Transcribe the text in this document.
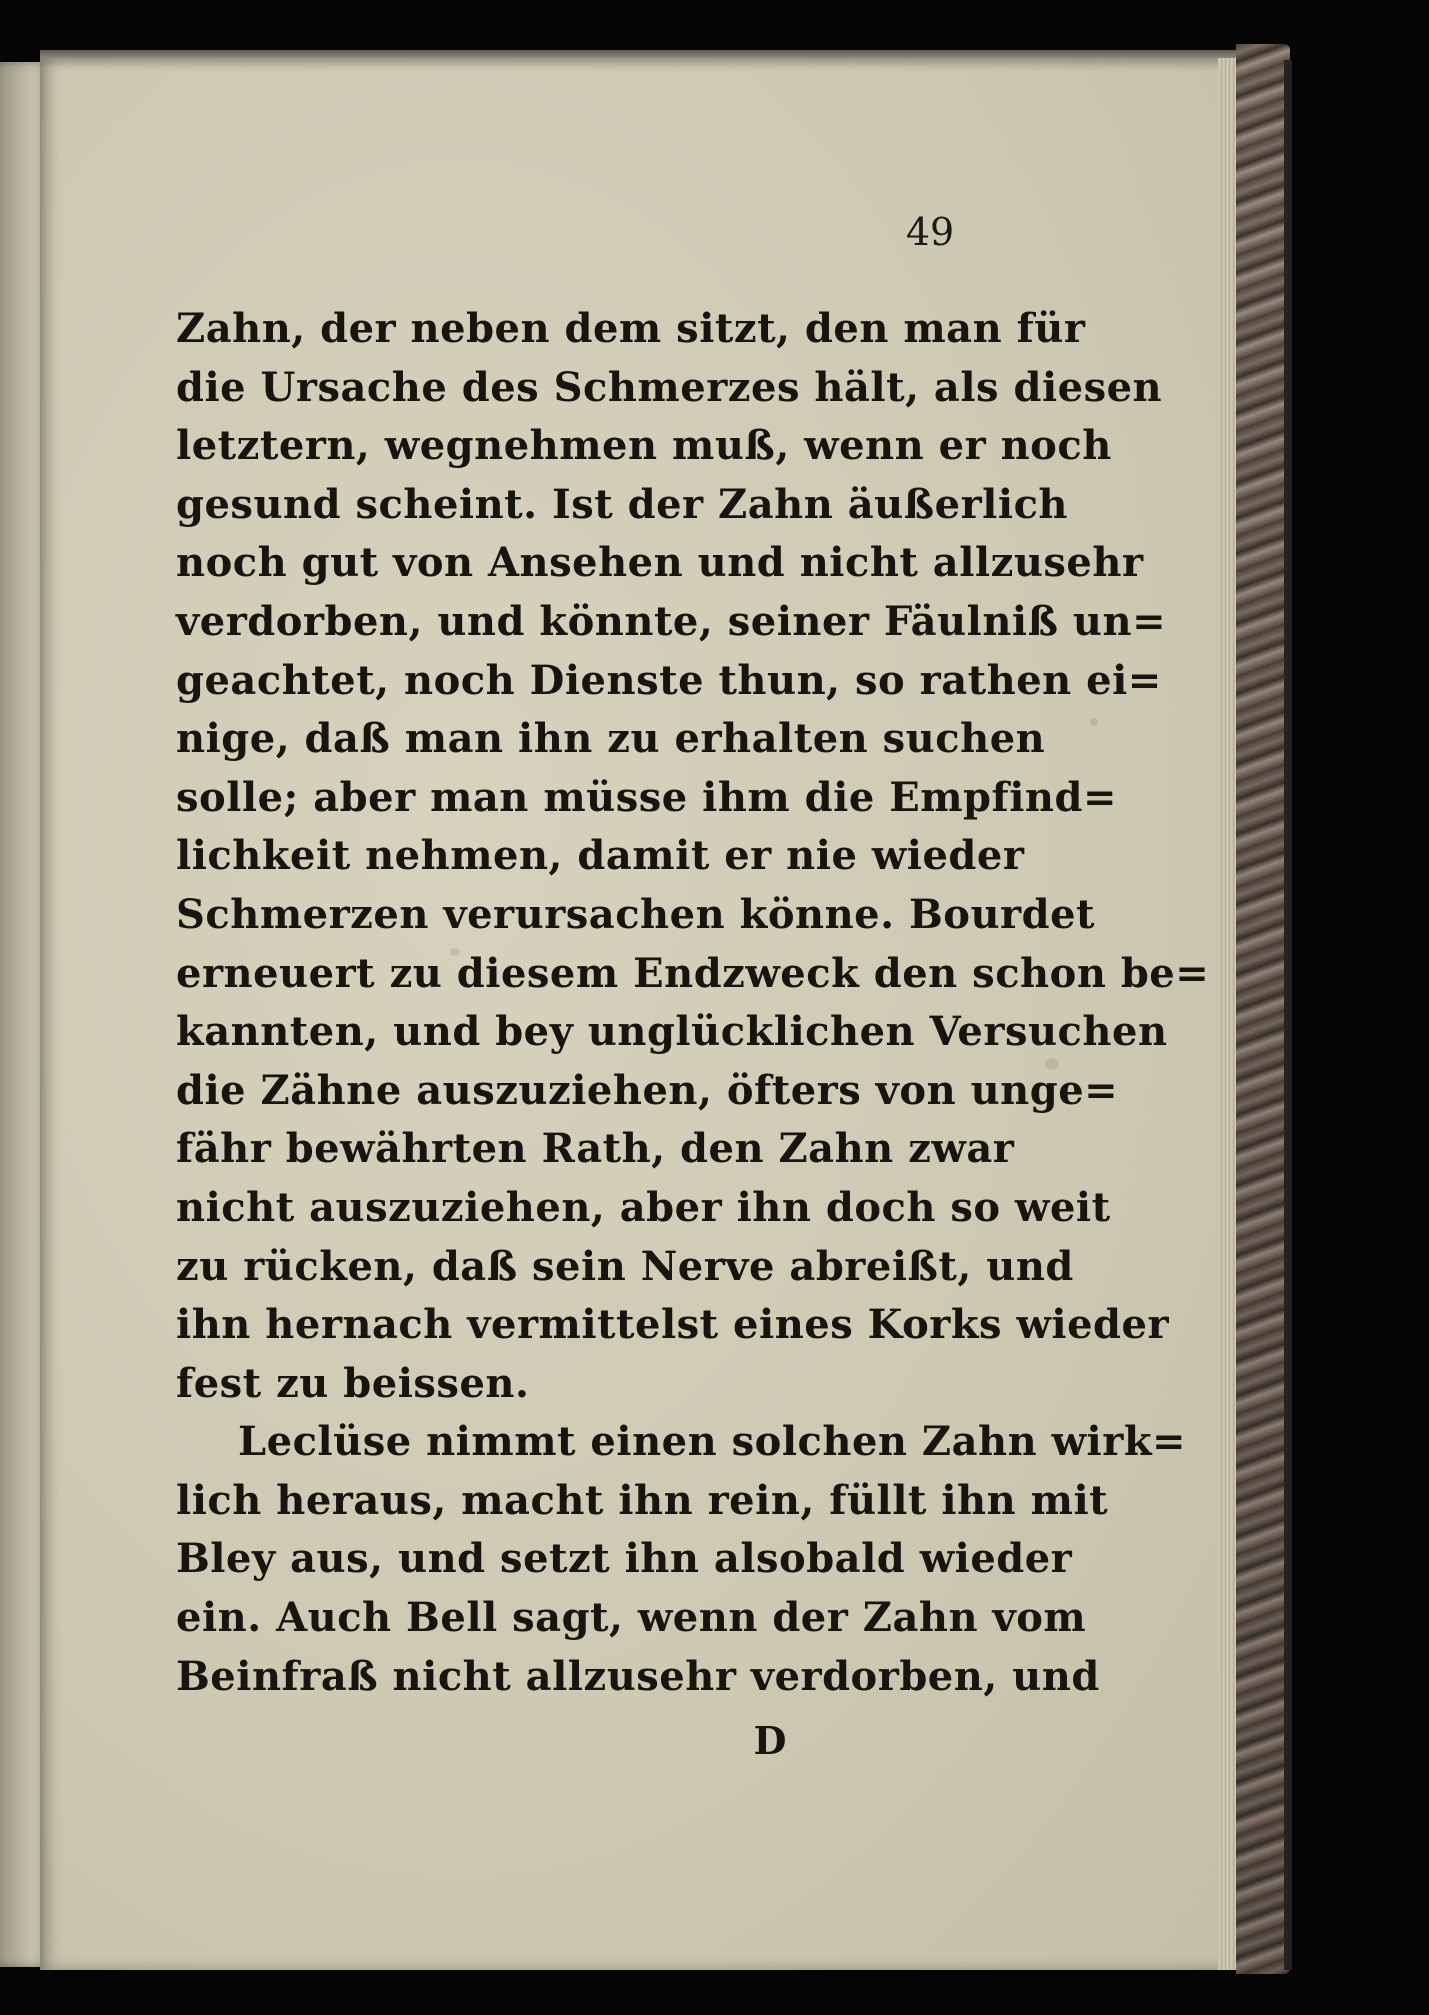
49
Zahn, der neben dem sitzt, den man für
die Ursache des Schmerzes hält, als diesen
letztern, wegnehmen muß, wenn er noch
gesund scheint. Ist der Zahn äußerlich
noch gut von Ansehen und nicht allzusehr
verdorben, und könnte, seiner Fäulniß un=
geachtet, noch Dienste thun, so rathen ei=
nige, daß man ihn zu erhalten suchen
solle; aber man müsse ihm die Empfind=
lichkeit nehmen, damit er nie wieder
Schmerzen verursachen könne. Bourdet
erneuert zu diesem Endzweck den schon be=
kannten, und bey unglücklichen Versuchen
die Zähne auszuziehen, öfters von unge=
fähr bewährten Rath, den Zahn zwar
nicht auszuziehen, aber ihn doch so weit
zu rücken, daß sein Nerve abreißt, und
ihn hernach vermittelst eines Korks wieder
fest zu beissen.
Leclüse nimmt einen solchen Zahn wirk=
lich heraus, macht ihn rein, füllt ihn mit
Bley aus, und setzt ihn alsobald wieder
ein. Auch Bell sagt, wenn der Zahn vom
Beinfraß nicht allzusehr verdorben, und
D
